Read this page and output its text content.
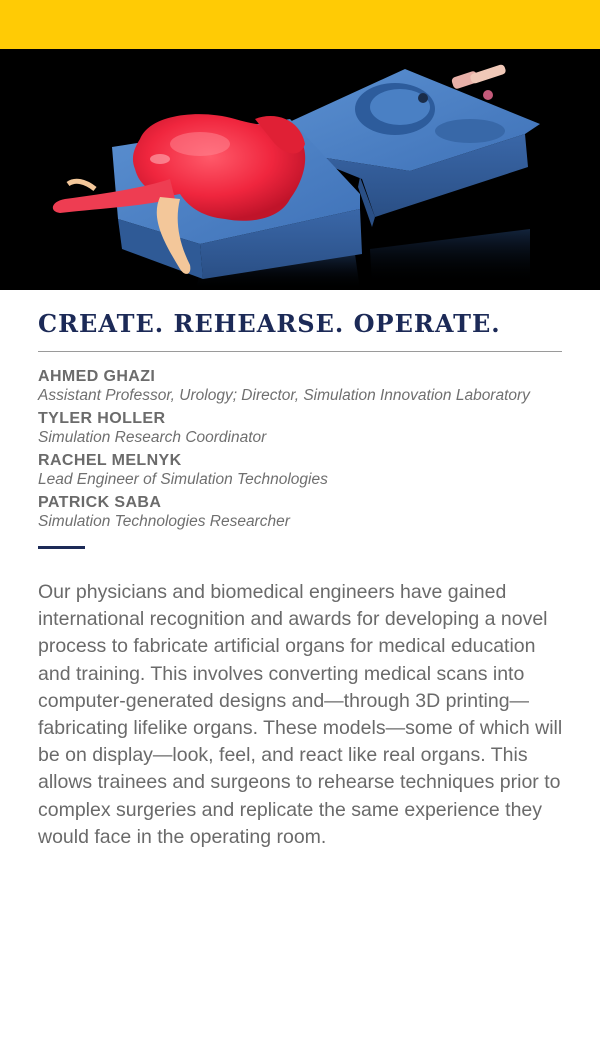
CREATE. REHEARSE. OPERATE.
AHMED GHAZI
Assistant Professor, Urology; Director, Simulation Innovation Laboratory
TYLER HOLLER
Simulation Research Coordinator
RACHEL MELNYK
Lead Engineer of Simulation Technologies
PATRICK SABA
Simulation Technologies Researcher

Our physicians and biomedical engineers have gained international recognition and awards for developing a novel process to fabricate artificial organs for medical education and training. This involves converting medical scans into computer-generated designs and—through 3D printing—fabricating lifelike organs. These models—some of which will be on display—look, feel, and react like real organs. This allows trainees and surgeons to rehearse techniques prior to complex surgeries and replicate the same experience they would face in the operating room.
